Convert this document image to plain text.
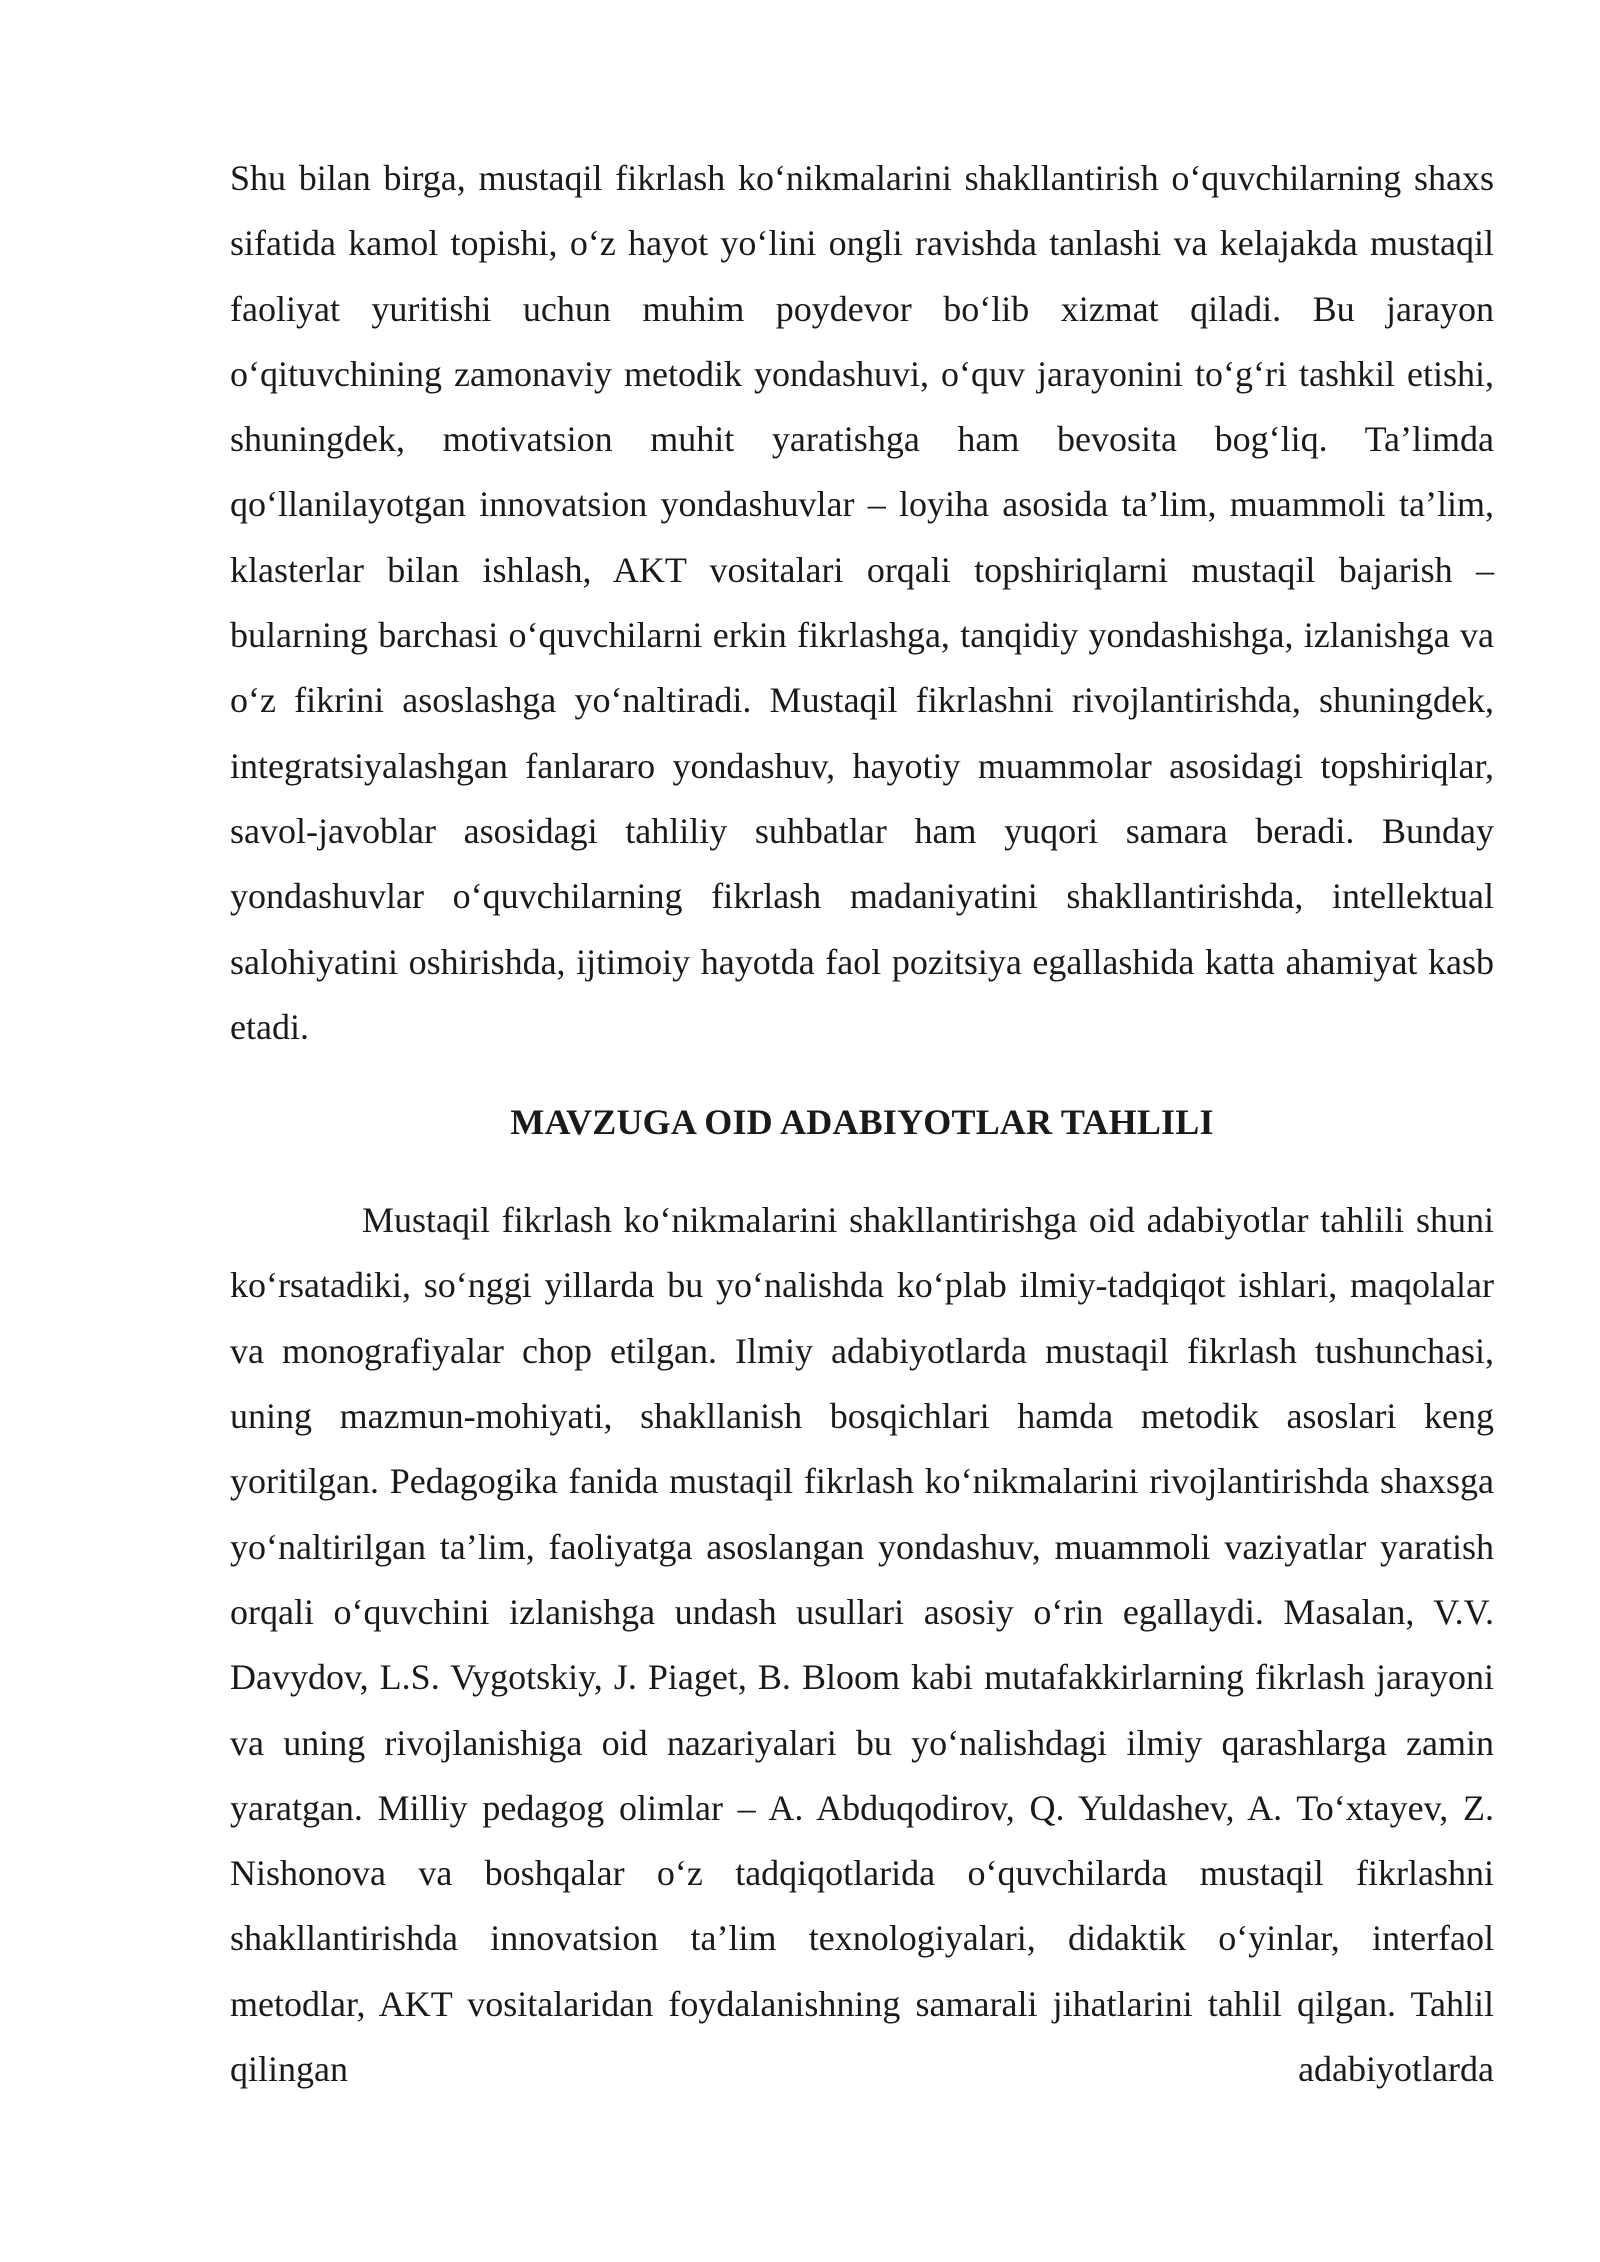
Shu bilan birga, mustaqil fikrlash koʻnikmalarini shakllantirish oʻquvchilarning shaxs sifatida kamol topishi, oʻz hayot yoʻlini ongli ravishda tanlashi va kelajakda mustaqil faoliyat yuritishi uchun muhim poydevor boʻlib xizmat qiladi. Bu jarayon oʻqituvchining zamonaviy metodik yondashuvi, oʻquv jarayonini toʻgʻri tashkil etishi, shuningdek, motivatsion muhit yaratishga ham bevosita bogʻliq. Ta’limda qoʻllanilayotgan innovatsion yondashuvlar – loyiha asosida ta’lim, muammoli ta’lim, klasterlar bilan ishlash, AKT vositalari orqali topshiriqlarni mustaqil bajarish – bularning barchasi oʻquvchilarni erkin fikrlashga, tanqidiy yondashishga, izlanishga va oʻz fikrini asoslashga yoʻnaltiradi. Mustaqil fikrlashni rivojlantirishda, shuningdek, integratsiyalashgan fanlararo yondashuv, hayotiy muammolar asosidagi topshiriqlar, savol-javoblar asosidagi tahliliy suhbatlar ham yuqori samara beradi. Bunday yondashuvlar oʻquvchilarning fikrlash madaniyatini shakllantirishda, intellektual salohiyatini oshirishda, ijtimoiy hayotda faol pozitsiya egallashida katta ahamiyat kasb etadi.

MAVZUGA OID ADABIYOTLAR TAHLILI

Mustaqil fikrlash koʻnikmalarini shakllantirishga oid adabiyotlar tahlili shuni koʻrsatadiki, soʻnggi yillarda bu yoʻnalishda koʻplab ilmiy-tadqiqot ishlari, maqolalar va monografiyalar chop etilgan. Ilmiy adabiyotlarda mustaqil fikrlash tushunchasi, uning mazmun-mohiyati, shakllanish bosqichlari hamda metodik asoslari keng yoritilgan. Pedagogika fanida mustaqil fikrlash koʻnikmalarini rivojlantirishda shaxsga yoʻnaltirilgan ta’lim, faoliyatga asoslangan yondashuv, muammoli vaziyatlar yaratish orqali oʻquvchini izlanishga undash usullari asosiy oʻrin egallaydi. Masalan, V.V. Davydov, L.S. Vygotskiy, J. Piaget, B. Bloom kabi mutafakkirlarning fikrlash jarayoni va uning rivojlanishiga oid nazariyalari bu yoʻnalishdagi ilmiy qarashlarga zamin yaratgan. Milliy pedagog olimlar – A. Abduqodirov, Q. Yuldashev, A. Toʻxtayev, Z. Nishonova va boshqalar oʻz tadqiqotlarida oʻquvchilarda mustaqil fikrlashni shakllantirishda innovatsion ta’lim texnologiyalari, didaktik oʻyinlar, interfaol metodlar, AKT vositalaridan foydalanishning samarali jihatlarini tahlil qilgan. Tahlil qilingan adabiyotlarda
